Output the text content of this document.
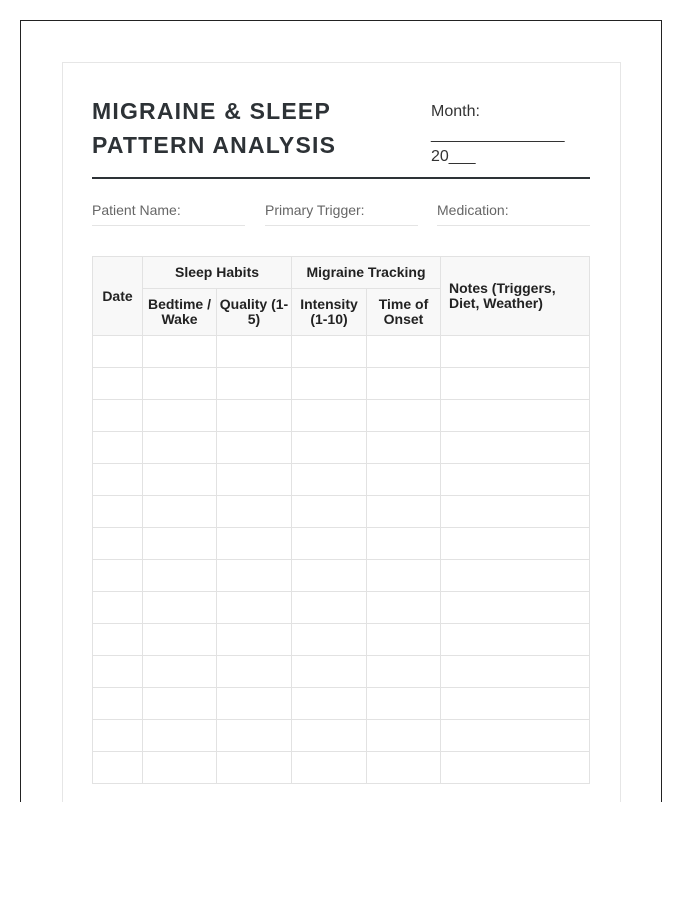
MIGRAINE & SLEEP
PATTERN ANALYSIS
Month:
_______________
20___
Patient Name:	Primary Trigger:	Medication:
Date	Sleep Habits		Migraine Tracking		Notes (Triggers, Diet, Weather)
	Bedtime / Wake	Quality (1-5)	Intensity (1-10)	Time of Onset	
